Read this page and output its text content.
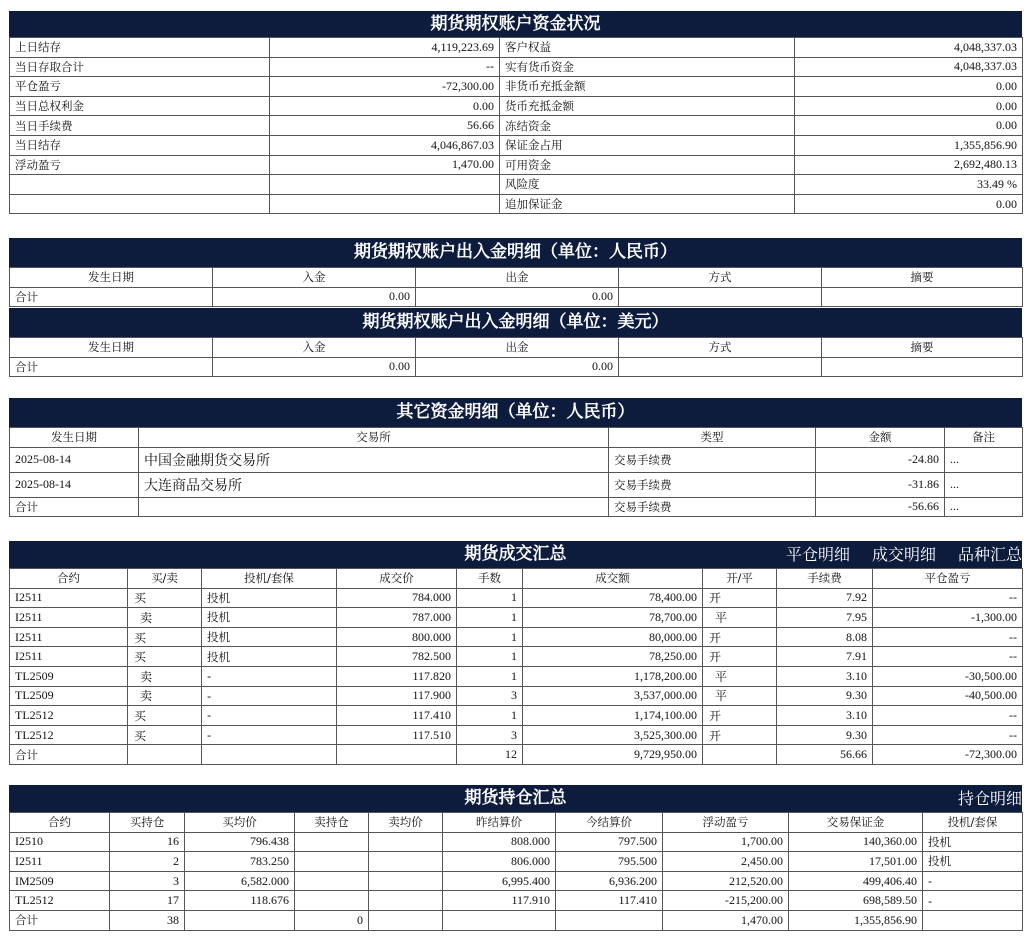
期货期权账户资金状况
上日结存	4,119,223.69	客户权益	4,048,337.03
当日存取合计	--	实有货币资金	4,048,337.03
平仓盈亏	-72,300.00	非货币充抵金额	0.00
当日总权利金	0.00	货币充抵金额	0.00
当日手续费	56.66	冻结资金	0.00
当日结存	4,046,867.03	保证金占用	1,355,856.90
浮动盈亏	1,470.00	可用资金	2,692,480.13
		风险度	33.49 %
		追加保证金	0.00
期货期权账户出入金明细（单位：人民币）
发生日期	入金	出金	方式	摘要
合计	0.00	0.00		
期货期权账户出入金明细（单位：美元）
发生日期	入金	出金	方式	摘要
合计	0.00	0.00		
其它资金明细（单位：人民币）
发生日期	交易所	类型	金额	备注
2025-08-14	中国金融期货交易所	交易手续费	-24.80	...
2025-08-14	大连商品交易所	交易手续费	-31.86	...
合计		交易手续费	-56.66	...
期货成交汇总	平仓明细 成交明细 品种汇总
合约	买/卖	投机/套保	成交价	手数	成交额	开/平	手续费	平仓盈亏
I2511	买	投机	784.000	1	78,400.00	开	7.92	--
I2511	卖	投机	787.000	1	78,700.00	平	7.95	-1,300.00
I2511	买	投机	800.000	1	80,000.00	开	8.08	--
I2511	买	投机	782.500	1	78,250.00	开	7.91	--
TL2509	卖	-	117.820	1	1,178,200.00	平	3.10	-30,500.00
TL2509	卖	-	117.900	3	3,537,000.00	平	9.30	-40,500.00
TL2512	买	-	117.410	1	1,174,100.00	开	3.10	--
TL2512	买	-	117.510	3	3,525,300.00	开	9.30	--
合计				12	9,729,950.00		56.66	-72,300.00
期货持仓汇总	持仓明细
合约	买持仓	买均价	卖持仓	卖均价	昨结算价	今结算价	浮动盈亏	交易保证金	投机/套保
I2510	16	796.438			808.000	797.500	1,700.00	140,360.00	投机
I2511	2	783.250			806.000	795.500	2,450.00	17,501.00	投机
IM2509	3	6,582.000			6,995.400	6,936.200	212,520.00	499,406.40	-
TL2512	17	118.676			117.910	117.410	-215,200.00	698,589.50	-
合计	38		0				1,470.00	1,355,856.90	
